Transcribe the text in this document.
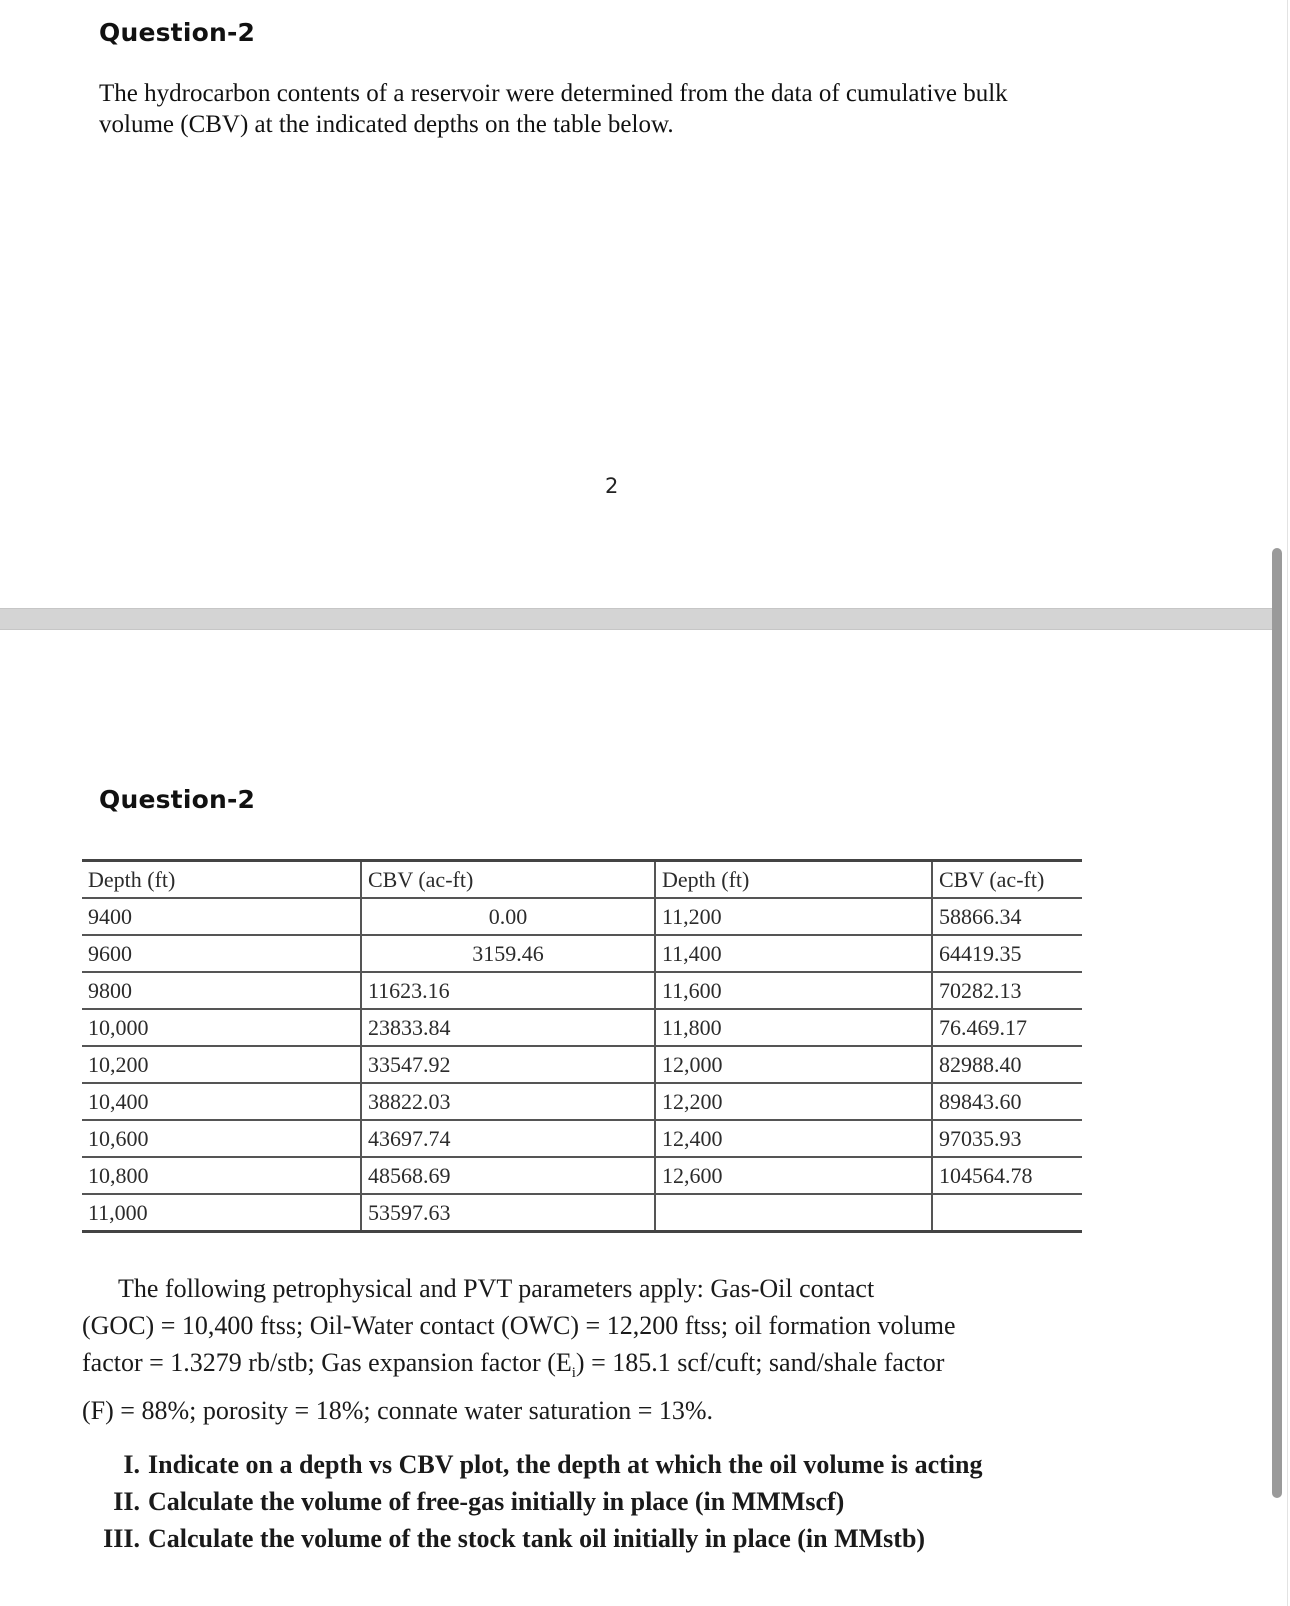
Question-2
The hydrocarbon contents of a reservoir were determined from the data of cumulative bulk
volume (CBV) at the indicated depths on the table below.
2
Question-2
Depth (ft)	CBV (ac-ft)	Depth (ft)	CBV (ac-ft)
9400	0.00	11,200	58866.34
9600	3159.46	11,400	64419.35
9800	11623.16	11,600	70282.13
10,000	23833.84	11,800	76.469.17
10,200	33547.92	12,000	82988.40
10,400	38822.03	12,200	89843.60
10,600	43697.74	12,400	97035.93
10,800	48568.69	12,600	104564.78
11,000	53597.63		
The following petrophysical and PVT parameters apply: Gas-Oil contact
(GOC) = 10,400 ftss; Oil-Water contact (OWC) = 12,200 ftss; oil formation volume
factor = 1.3279 rb/stb; Gas expansion factor $(E_i) = 185.1$ scf/cuft; sand/shale factor
(F) = 88%; porosity = 18%; connate water saturation = 13%.
I. Indicate on a depth vs CBV plot, the depth at which the oil volume is acting
II. Calculate the volume of free-gas initially in place (in MMMscf)
III. Calculate the volume of the stock tank oil initially in place (in MMstb)
